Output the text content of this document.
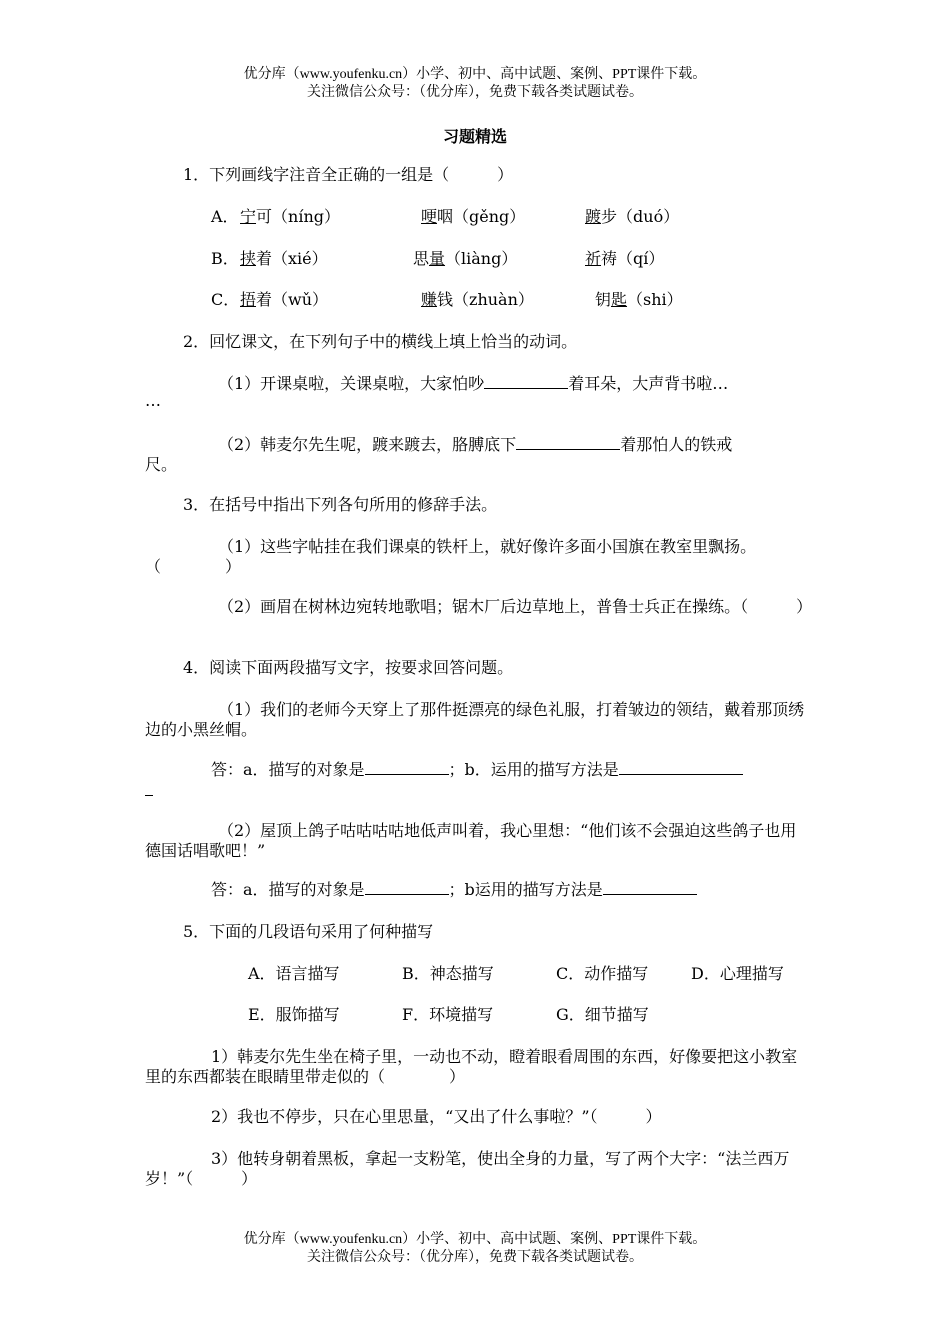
优分库（www.youfenku.cn）小学、初中、高中试题、案例、PPT课件下载。
关注微信公众号：（优分库），免费下载各类试题试卷。
习题精选
1．下列画线字注音全正确的一组是（　　　）
A． 宁可（níng）	哽咽（gěng）	踱步（duó）
B． 挟着（xié）	思量（liàng）	祈祷（qí）
C． 捂着（wǔ）	赚钱（zhuàn）	钥匙（shi）
2．回忆课文，在下列句子中的横线上填上恰当的动词。
（1）开课桌啦，关课桌啦，大家怕吵	着耳朵，大声背书啦…
…
（2）韩麦尔先生呢，踱来踱去，胳膊底下	着那怕人的铁戒
尺。
3．在括号中指出下列各句所用的修辞手法。
（1）这些字帖挂在我们课桌的铁杆上，就好像许多面小国旗在教室里飘扬。（　　　　）
（2）画眉在树林边宛转地歌唱；锯木厂后边草地上，普鲁士兵正在操练。（　　　）
4．阅读下面两段描写文字，按要求回答问题。
（1）我们的老师今天穿上了那件挺漂亮的绿色礼服，打着皱边的领结，戴着那顶绣边的小黑丝帽。
答：a．描写的对象是	；b．运用的描写方法是
（2）屋顶上鸽子咕咕咕咕地低声叫着，我心里想：“他们该不会强迫这些鸽子也用德国话唱歌吧！”
答：a．描写的对象是	；b运用的描写方法是
5．下面的几段语句采用了何种描写
A．语言描写	B．神态描写	C．动作描写	D．心理描写
E．服饰描写	F．环境描写	G．细节描写
1）韩麦尔先生坐在椅子里，一动也不动，瞪着眼看周围的东西，好像要把这小教室里的东西都装在眼睛里带走似的（　　　　）
2）我也不停步，只在心里思量，“又出了什么事啦？”（　　　）
3）他转身朝着黑板，拿起一支粉笔，使出全身的力量，写了两个大字：“法兰西万岁！”（　　　）
优分库（www.youfenku.cn）小学、初中、高中试题、案例、PPT课件下载。
关注微信公众号：（优分库），免费下载各类试题试卷。
